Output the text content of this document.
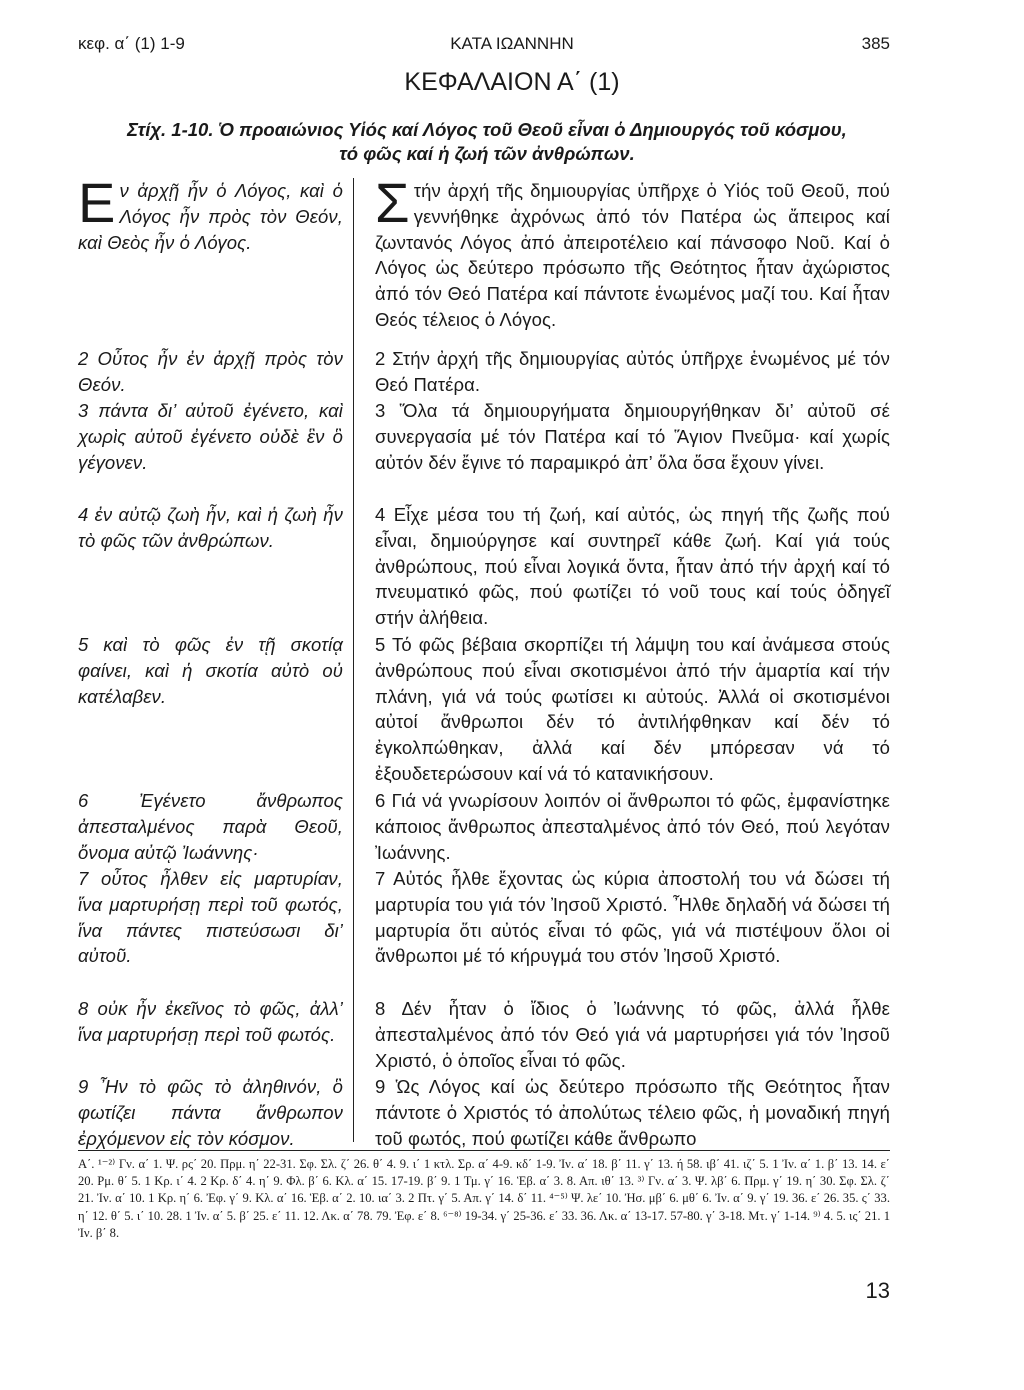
κεφ. α΄ (1) 1-9	ΚΑΤΑ ΙΩΑΝΝΗΝ	385
ΚΕΦΑΛΑΙΟΝ Α΄ (1)
Στίχ. 1-10. Ὁ προαιώνιος Υἱός καί Λόγος τοῦ Θεοῦ εἶναι ὁ Δημιουργός τοῦ κόσμου,
τό φῶς καί ἡ ζωή τῶν ἀνθρώπων.
Εν ἀρχῇ ἦν ὁ Λόγος, καὶ ὁ Λόγος ἦν πρὸς τὸν Θεόν, καὶ Θεὸς ἦν ὁ Λόγος.
Στήν ἀρχή τῆς δημιουργίας ὑπῆρχε ὁ Υἱός τοῦ Θεοῦ, πού γεννήθηκε ἀχρόνως ἀπό τόν Πατέρα ὡς ἄπειρος καί ζωντανός Λόγος ἀπό ἀπειροτέλειο καί πάνσοφο Νοῦ. Καί ὁ Λόγος ὡς δεύτερο πρόσωπο τῆς Θεότητος ἦταν ἀχώριστος ἀπό τόν Θεό Πατέρα καί πάντοτε ἑνωμένος μαζί του. Καί ἦταν Θεός τέλειος ὁ Λόγος.
2 Οὗτος ἦν ἐν ἀρχῇ πρὸς τὸν Θεόν.
2 Στήν ἀρχή τῆς δημιουργίας αὐτός ὑπῆρχε ἑνωμένος μέ τόν Θεό Πατέρα.
3 πάντα δι’ αὐτοῦ ἐγένετο, καὶ χωρὶς αὐτοῦ ἐγένετο οὐδὲ ἓν ὃ γέγονεν.
3 Ὅλα τά δημιουργήματα δημιουργήθηκαν δι’ αὐτοῦ σέ συνεργασία μέ τόν Πατέρα καί τό Ἅγιον Πνεῦμα· καί χωρίς αὐτόν δέν ἔγινε τό παραμικρό ἀπ’ ὅλα ὅσα ἔχουν γίνει.
4 ἐν αὐτῷ ζωὴ ἦν, καὶ ἡ ζωὴ ἦν τὸ φῶς τῶν ἀνθρώπων.
4 Εἶχε μέσα του τή ζωή, καί αὐτός, ὡς πηγή τῆς ζωῆς πού εἶναι, δημιούργησε καί συντηρεῖ κάθε ζωή. Καί γιά τούς ἀνθρώπους, πού εἶναι λογικά ὄντα, ἦταν ἀπό τήν ἀρχή καί τό πνευματικό φῶς, πού φωτίζει τό νοῦ τους καί τούς ὁδηγεῖ στήν ἀλήθεια.
5 καὶ τὸ φῶς ἐν τῇ σκοτίᾳ φαίνει, καὶ ἡ σκοτία αὐτὸ οὐ κατέλαβεν.
5 Τό φῶς βέβαια σκορπίζει τή λάμψη του καί ἀνάμεσα στούς ἀνθρώπους πού εἶναι σκοτισμένοι ἀπό τήν ἁμαρτία καί τήν πλάνη, γιά νά τούς φωτίσει κι αὐτούς. Ἀλλά οἱ σκοτισμένοι αὐτοί ἄνθρωποι δέν τό ἀντιλήφθηκαν καί δέν τό ἐγκολπώθηκαν, ἀλλά καί δέν μπόρεσαν νά τό ἐξουδετερώσουν καί νά τό κατανικήσουν.
6 Ἐγένετο ἄνθρωπος ἀπεσταλμένος παρὰ Θεοῦ, ὄνομα αὐτῷ Ἰωάννης·
6 Γιά νά γνωρίσουν λοιπόν οἱ ἄνθρωποι τό φῶς, ἐμφανίστηκε κάποιος ἄνθρωπος ἀπεσταλμένος ἀπό τόν Θεό, πού λεγόταν Ἰωάννης.
7 οὗτος ἦλθεν εἰς μαρτυρίαν, ἵνα μαρτυρήσῃ περὶ τοῦ φωτός, ἵνα πάντες πιστεύσωσι δι’ αὐτοῦ.
7 Αὐτός ἦλθε ἔχοντας ὡς κύρια ἀποστολή του νά δώσει τή μαρτυρία του γιά τόν Ἰησοῦ Χριστό. Ἦλθε δηλαδή νά δώσει τή μαρτυρία ὅτι αὐτός εἶναι τό φῶς, γιά νά πιστέψουν ὅλοι οἱ ἄνθρωποι μέ τό κήρυγμά του στόν Ἰησοῦ Χριστό.
8 οὐκ ἦν ἐκεῖνος τὸ φῶς, ἀλλ’ ἵνα μαρτυρήσῃ περὶ τοῦ φωτός.
8 Δέν ἦταν ὁ ἴδιος ὁ Ἰωάννης τό φῶς, ἀλλά ἦλθε ἀπεσταλμένος ἀπό τόν Θεό γιά νά μαρτυρήσει γιά τόν Ἰησοῦ Χριστό, ὁ ὁποῖος εἶναι τό φῶς.
9 Ἦν τὸ φῶς τὸ ἀληθινόν, ὃ φωτίζει πάντα ἄνθρωπον ἐρχόμενον εἰς τὸν κόσμον.
9 Ὡς Λόγος καί ὡς δεύτερο πρόσωπο τῆς Θεότητος ἦταν πάντοτε ὁ Χριστός τό ἀπολύτως τέλειο φῶς, ἡ μοναδική πηγή τοῦ φωτός, πού φωτίζει κάθε ἄνθρωπο
Α΄. ¹⁻²⁾ Γν. α΄ 1. Ψ. ρς΄ 20. Πρμ. η΄ 22-31. Σφ. Σλ. ζ΄ 26. θ΄ 4. 9. ι΄ 1 κτλ. Σρ. α΄ 4-9. κδ΄ 1-9. Ἰν. α΄ 18. β΄ 11. γ΄ 13. ή 58. ιβ΄ 41. ιζ΄ 5. 1 Ἰν. α΄ 1. β΄ 13. 14. ε΄ 20. Ρμ. θ΄ 5. 1 Κρ. ι΄ 4. 2 Κρ. δ΄ 4. η΄ 9. Φλ. β΄ 6. Κλ. α΄ 15. 17-19. β΄ 9. 1 Τμ. γ΄ 16. Ἑβ. α΄ 3. 8. Απ. ιθ΄ 13. ³⁾ Γν. α΄ 3. Ψ. λβ΄ 6. Πρμ. γ΄ 19. η΄ 30. Σφ. Σλ. ζ΄ 21. Ἰν. α΄ 10. 1 Κρ. η΄ 6. Ἐφ. γ΄ 9. Κλ. α΄ 16. Ἑβ. α΄ 2. 10. ια΄ 3. 2 Πτ. γ΄ 5. Απ. γ΄ 14. δ΄ 11. ⁴⁻⁵⁾ Ψ. λε΄ 10. Ἠσ. μβ΄ 6. μθ΄ 6. Ἰν. α΄ 9. γ΄ 19. 36. ε΄ 26. 35. ς΄ 33. η΄ 12. θ΄ 5. ι΄ 10. 28. 1 Ἰν. α΄ 5. β΄ 25. ε΄ 11. 12. Λκ. α΄ 78. 79. Ἐφ. ε΄ 8. ⁶⁻⁸⁾ 19-34. γ΄ 25-36. ε΄ 33. 36. Λκ. α΄ 13-17. 57-80. γ΄ 3-18. Μτ. γ΄ 1-14. ⁹⁾ 4. 5. ις΄ 21. 1 Ἰν. β΄ 8.
13
